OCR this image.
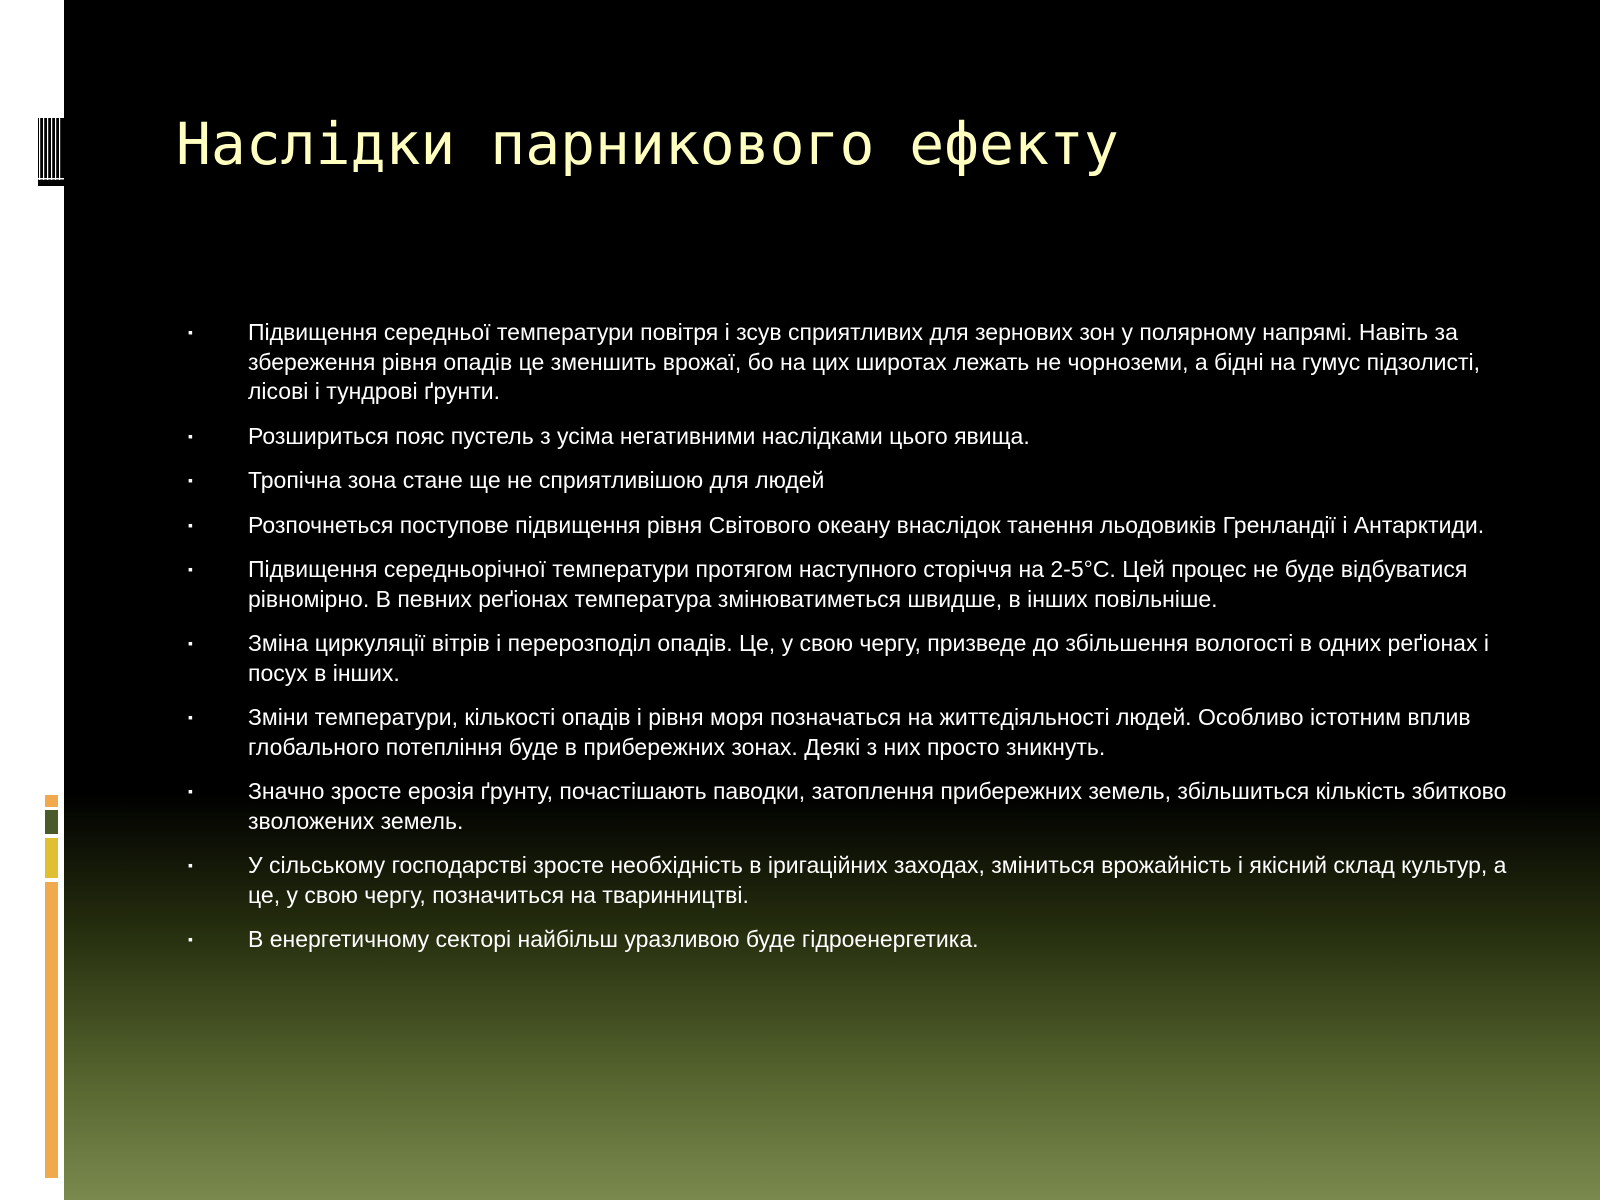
Наслідки парникового ефекту
▪	Підвищення середньої температури повітря і зсув сприятливих для зернових зон у полярному напрямі. Навіть за збереження рівня опадів це зменшить врожаї, бо на цих широтах лежать не чорноземи, а бідні на гумус підзолисті, лісові і тундрові ґрунти.
▪	Розшириться пояс пустель з усіма негативними наслідками цього явища.
▪	Тропічна зона стане ще не сприятливішою для людей
▪	Розпочнеться поступове підвищення рівня Світового океану внаслідок танення льодовиків Гренландії і Антарктиди.
▪	Підвищення середньорічної температури протягом наступного сторіччя на 2-5°С. Цей процес не буде відбуватися рівномірно. В певних реґіонах температура змінюватиметься швидше, в інших повільніше.
▪	Зміна циркуляції вітрів і перерозподіл опадів. Це, у свою чергу, призведе до збільшення вологості в одних реґіонах і посух в інших.
▪	Зміни температури, кількості опадів і рівня моря позначаться на життєдіяльності людей. Особливо істотним вплив глобального потепління буде в прибережних зонах. Деякі з них просто зникнуть.
▪	Значно зросте ерозія ґрунту, почастішають паводки, затоплення прибережних земель, збільшиться кількість збитково зволожених земель.
▪	У сільському господарстві зросте необхідність в іригаційних заходах, зміниться врожайність і якісний склад культур, а це, у свою чергу, позначиться на тваринництві.
▪	В енергетичному секторі найбільш уразливою буде гідроенергетика.
